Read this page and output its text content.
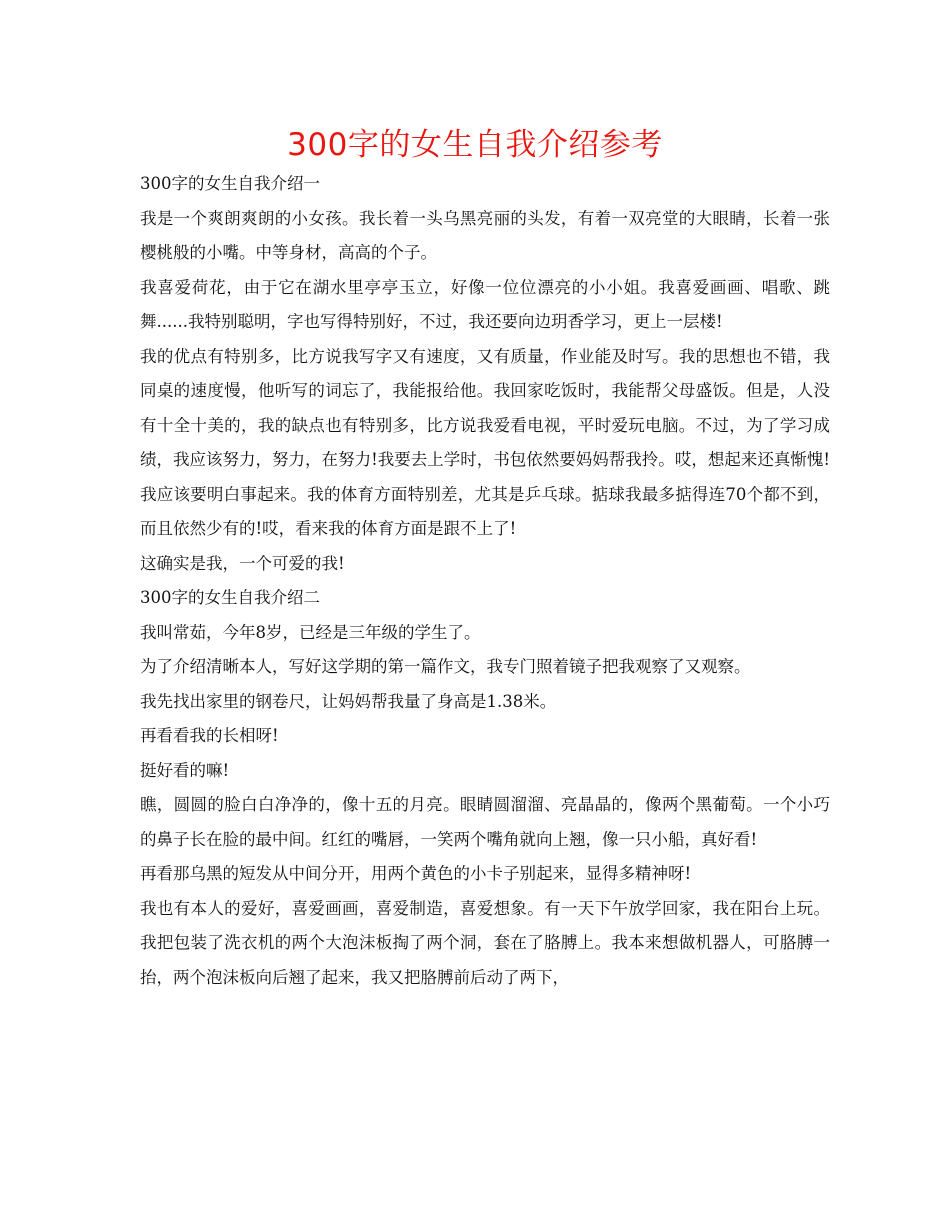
300字的女生自我介绍参考

300字的女生自我介绍一

我是一个爽朗爽朗的小女孩。我长着一头乌黑亮丽的头发，有着一双亮堂的大眼睛，长着一张樱桃般的小嘴。中等身材，高高的个子。

我喜爱荷花，由于它在湖水里亭亭玉立，好像一位位漂亮的小小姐。我喜爱画画、唱歌、跳舞......我特别聪明，字也写得特别好，不过，我还要向边玥香学习，更上一层楼!

我的优点有特别多，比方说我写字又有速度，又有质量，作业能及时写。我的思想也不错，我同桌的速度慢，他听写的词忘了，我能报给他。我回家吃饭时，我能帮父母盛饭。但是，人没有十全十美的，我的缺点也有特别多，比方说我爱看电视，平时爱玩电脑。不过，为了学习成绩，我应该努力，努力，在努力!我要去上学时，书包依然要妈妈帮我拎。哎，想起来还真惭愧!我应该要明白事起来。我的体育方面特别差，尤其是乒乓球。掂球我最多掂得连70个都不到，而且依然少有的!哎，看来我的体育方面是跟不上了!

这确实是我，一个可爱的我!

300字的女生自我介绍二

我叫常茹，今年8岁，已经是三年级的学生了。

为了介绍清晰本人，写好这学期的第一篇作文，我专门照着镜子把我观察了又观察。

我先找出家里的钢卷尺，让妈妈帮我量了身高是1.38米。

再看看我的长相呀!

挺好看的嘛!

瞧，圆圆的脸白白净净的，像十五的月亮。眼睛圆溜溜、亮晶晶的，像两个黑葡萄。一个小巧的鼻子长在脸的最中间。红红的嘴唇，一笑两个嘴角就向上翘，像一只小船，真好看!

再看那乌黑的短发从中间分开，用两个黄色的小卡子别起来，显得多精神呀!

我也有本人的爱好，喜爱画画，喜爱制造，喜爱想象。有一天下午放学回家，我在阳台上玩。我把包装了洗衣机的两个大泡沫板掏了两个洞，套在了胳膊上。我本来想做机器人，可胳膊一抬，两个泡沫板向后翘了起来，我又把胳膊前后动了两下，
